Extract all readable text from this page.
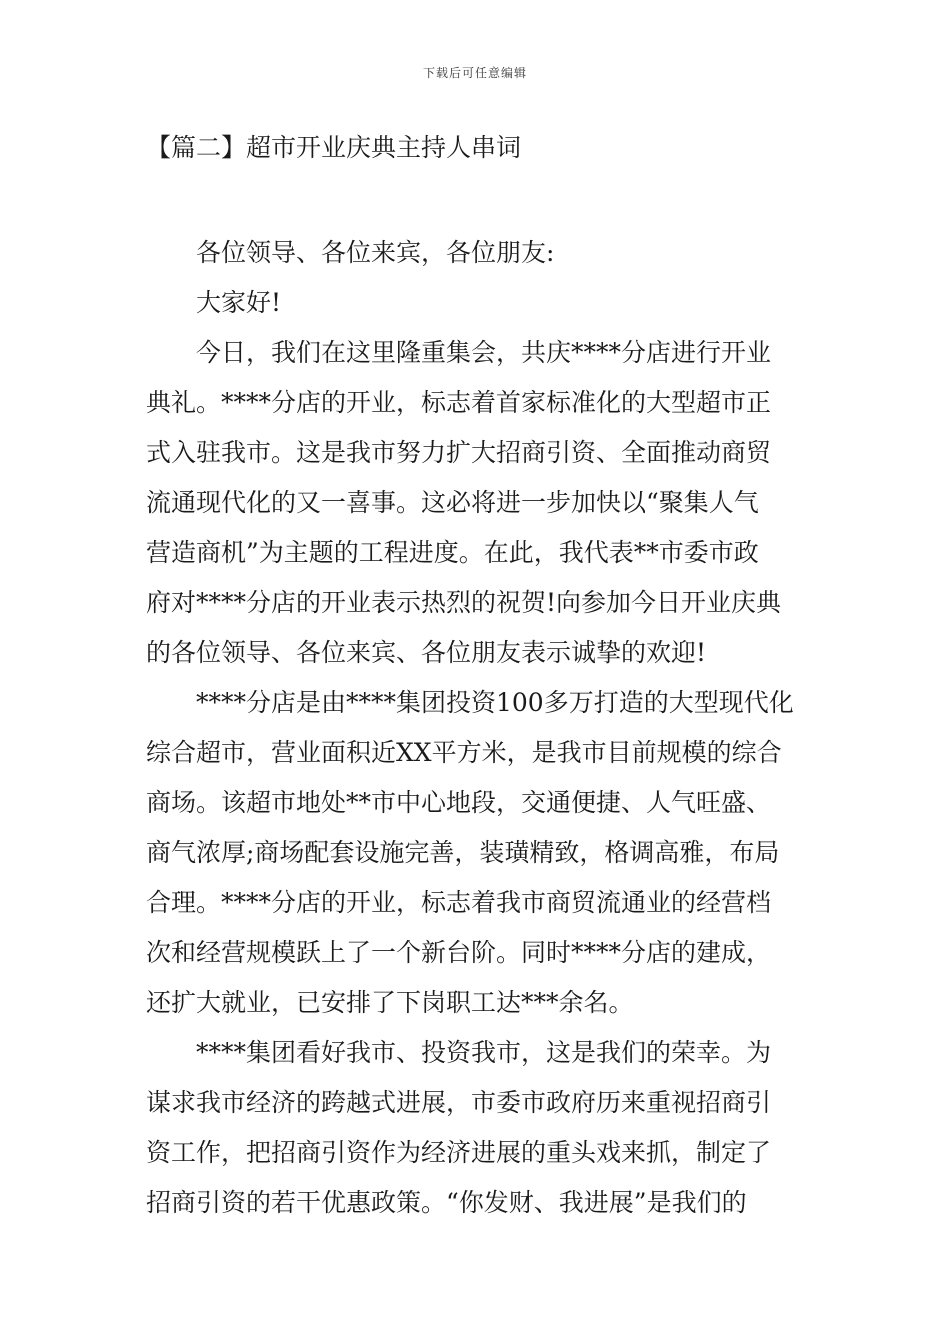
下载后可任意编辑
【篇二】超市开业庆典主持人串词
各位领导、各位来宾，各位朋友:
大家好!
今日，我们在这里隆重集会，共庆****分店进行开业
典礼。****分店的开业，标志着首家标准化的大型超市正
式入驻我市。这是我市努力扩大招商引资、全面推动商贸
流通现代化的又一喜事。这必将进一步加快以“聚集人气
营造商机”为主题的工程进度。在此，我代表**市委市政
府对****分店的开业表示热烈的祝贺!向参加今日开业庆典
的各位领导、各位来宾、各位朋友表示诚挚的欢迎!
****分店是由****集团投资100多万打造的大型现代化
综合超市，营业面积近XX平方米，是我市目前规模的综合
商场。该超市地处**市中心地段，交通便捷、人气旺盛、
商气浓厚;商场配套设施完善，装璜精致，格调高雅，布局
合理。****分店的开业，标志着我市商贸流通业的经营档
次和经营规模跃上了一个新台阶。同时****分店的建成，
还扩大就业，已安排了下岗职工达***余名。
****集团看好我市、投资我市，这是我们的荣幸。为
谋求我市经济的跨越式进展，市委市政府历来重视招商引
资工作，把招商引资作为经济进展的重头戏来抓，制定了
招商引资的若干优惠政策。“你发财、我进展”是我们的
